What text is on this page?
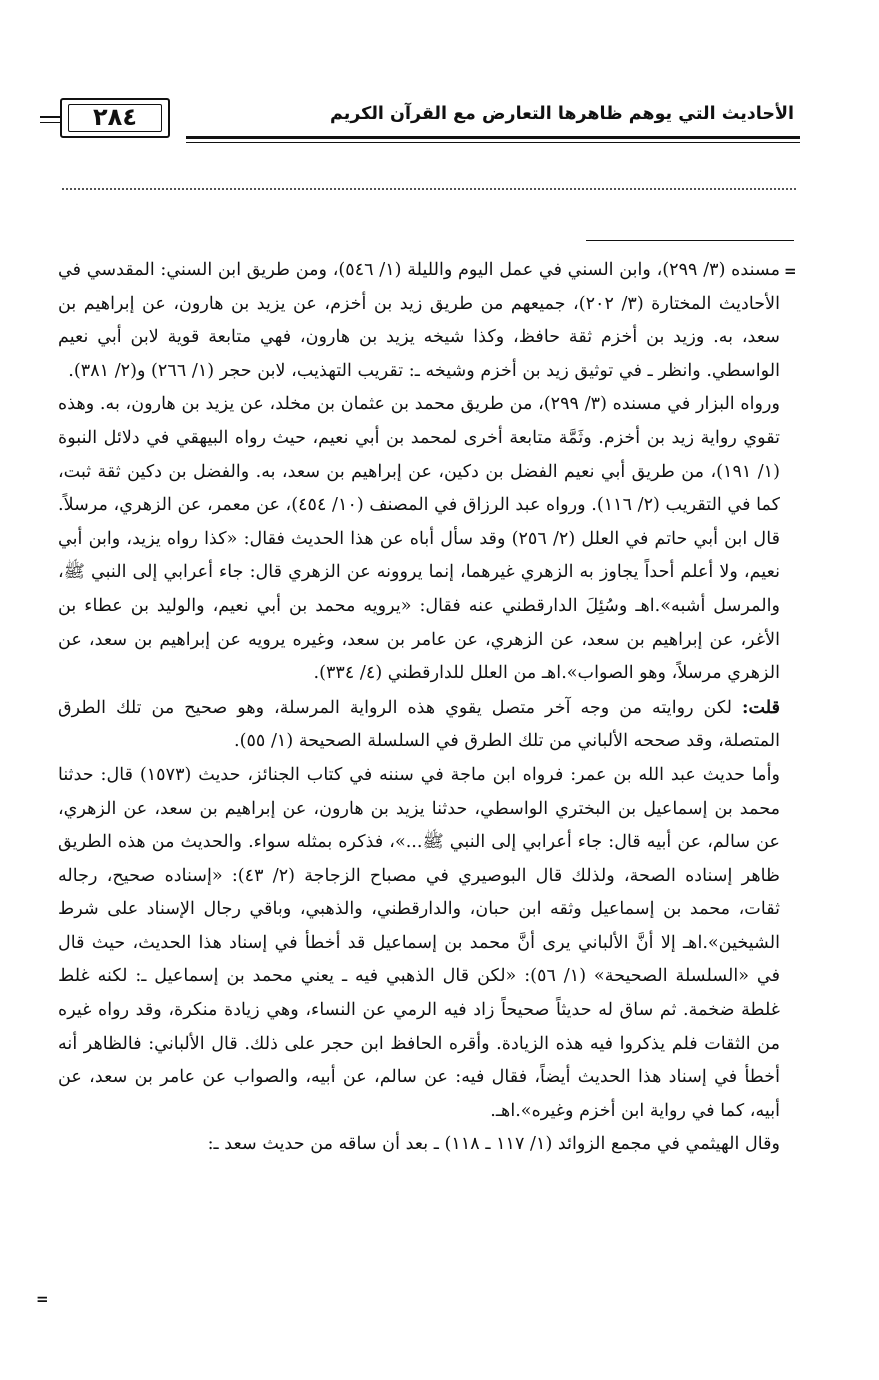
٢٨٤	الأحاديث التي يوهم ظاهرها التعارض مع القرآن الكريم
=

مسنده (٣/ ٢٩٩)، وابن السني في عمل اليوم والليلة (١/ ٥٤٦)، ومن طريق ابن السني: المقدسي في الأحاديث المختارة (٣/ ٢٠٢)، جميعهم من طريق زيد بن أخزم، عن يزيد بن هارون، عن إبراهيم بن سعد، به. وزيد بن أخزم ثقة حافظ، وكذا شيخه يزيد بن هارون، فهي متابعة قوية لابن أبي نعيم الواسطي. وانظر ـ في توثيق زيد بن أخزم وشيخه ـ: تقريب التهذيب، لابن حجر (١/ ٢٦٦) و(٢/ ٣٨١).

ورواه البزار في مسنده (٣/ ٢٩٩)، من طريق محمد بن عثمان بن مخلد، عن يزيد بن هارون، به. وهذه تقوي رواية زيد بن أخزم. وثَمَّة متابعة أخرى لمحمد بن أبي نعيم، حيث رواه البيهقي في دلائل النبوة (١/ ١٩١)، من طريق أبي نعيم الفضل بن دكين، عن إبراهيم بن سعد، به. والفضل بن دكين ثقة ثبت، كما في التقريب (٢/ ١١٦). ورواه عبد الرزاق في المصنف (١٠/ ٤٥٤)، عن معمر، عن الزهري، مرسلاً. قال ابن أبي حاتم في العلل (٢/ ٢٥٦) وقد سأل أباه عن هذا الحديث فقال: «كذا رواه يزيد، وابن أبي نعيم، ولا أعلم أحداً يجاوز به الزهري غيرهما، إنما يروونه عن الزهري قال: جاء أعرابي إلى النبي ﷺ، والمرسل أشبه».اهـ وسُئِلَ الدارقطني عنه فقال: «يرويه محمد بن أبي نعيم، والوليد بن عطاء بن الأغر، عن إبراهيم بن سعد، عن الزهري، عن عامر بن سعد، وغيره يرويه عن إبراهيم بن سعد، عن الزهري مرسلاً، وهو الصواب».اهـ من العلل للدارقطني (٤/ ٣٣٤).

قلت: لكن روايته من وجه آخر متصل يقوي هذه الرواية المرسلة، وهو صحيح من تلك الطرق المتصلة، وقد صححه الألباني من تلك الطرق في السلسلة الصحيحة (١/ ٥٥).

وأما حديث عبد الله بن عمر: فرواه ابن ماجة في سننه في كتاب الجنائز، حديث (١٥٧٣) قال: حدثنا محمد بن إسماعيل بن البختري الواسطي، حدثنا يزيد بن هارون، عن إبراهيم بن سعد، عن الزهري، عن سالم، عن أبيه قال: جاء أعرابي إلى النبي ﷺ...»، فذكره بمثله سواء. والحديث من هذه الطريق ظاهر إسناده الصحة، ولذلك قال البوصيري في مصباح الزجاجة (٢/ ٤٣): «إسناده صحيح، رجاله ثقات، محمد بن إسماعيل وثقه ابن حبان، والدارقطني، والذهبي، وباقي رجال الإسناد على شرط الشيخين».اهـ إلا أنَّ الألباني يرى أنَّ محمد بن إسماعيل قد أخطأ في إسناد هذا الحديث، حيث قال في «السلسلة الصحيحة» (١/ ٥٦): «لكن قال الذهبي فيه ـ يعني محمد بن إسماعيل ـ: لكنه غلط غلطة ضخمة. ثم ساق له حديثاً صحيحاً زاد فيه الرمي عن النساء، وهي زيادة منكرة، وقد رواه غيره من الثقات فلم يذكروا فيه هذه الزيادة. وأقره الحافظ ابن حجر على ذلك. قال الألباني: فالظاهر أنه أخطأ في إسناد هذا الحديث أيضاً، فقال فيه: عن سالم، عن أبيه، والصواب عن عامر بن سعد، عن أبيه، كما في رواية ابن أخزم وغيره».اهـ.

وقال الهيثمي في مجمع الزوائد (١/ ١١٧ ـ ١١٨) ـ بعد أن ساقه من حديث سعد ـ:

=
